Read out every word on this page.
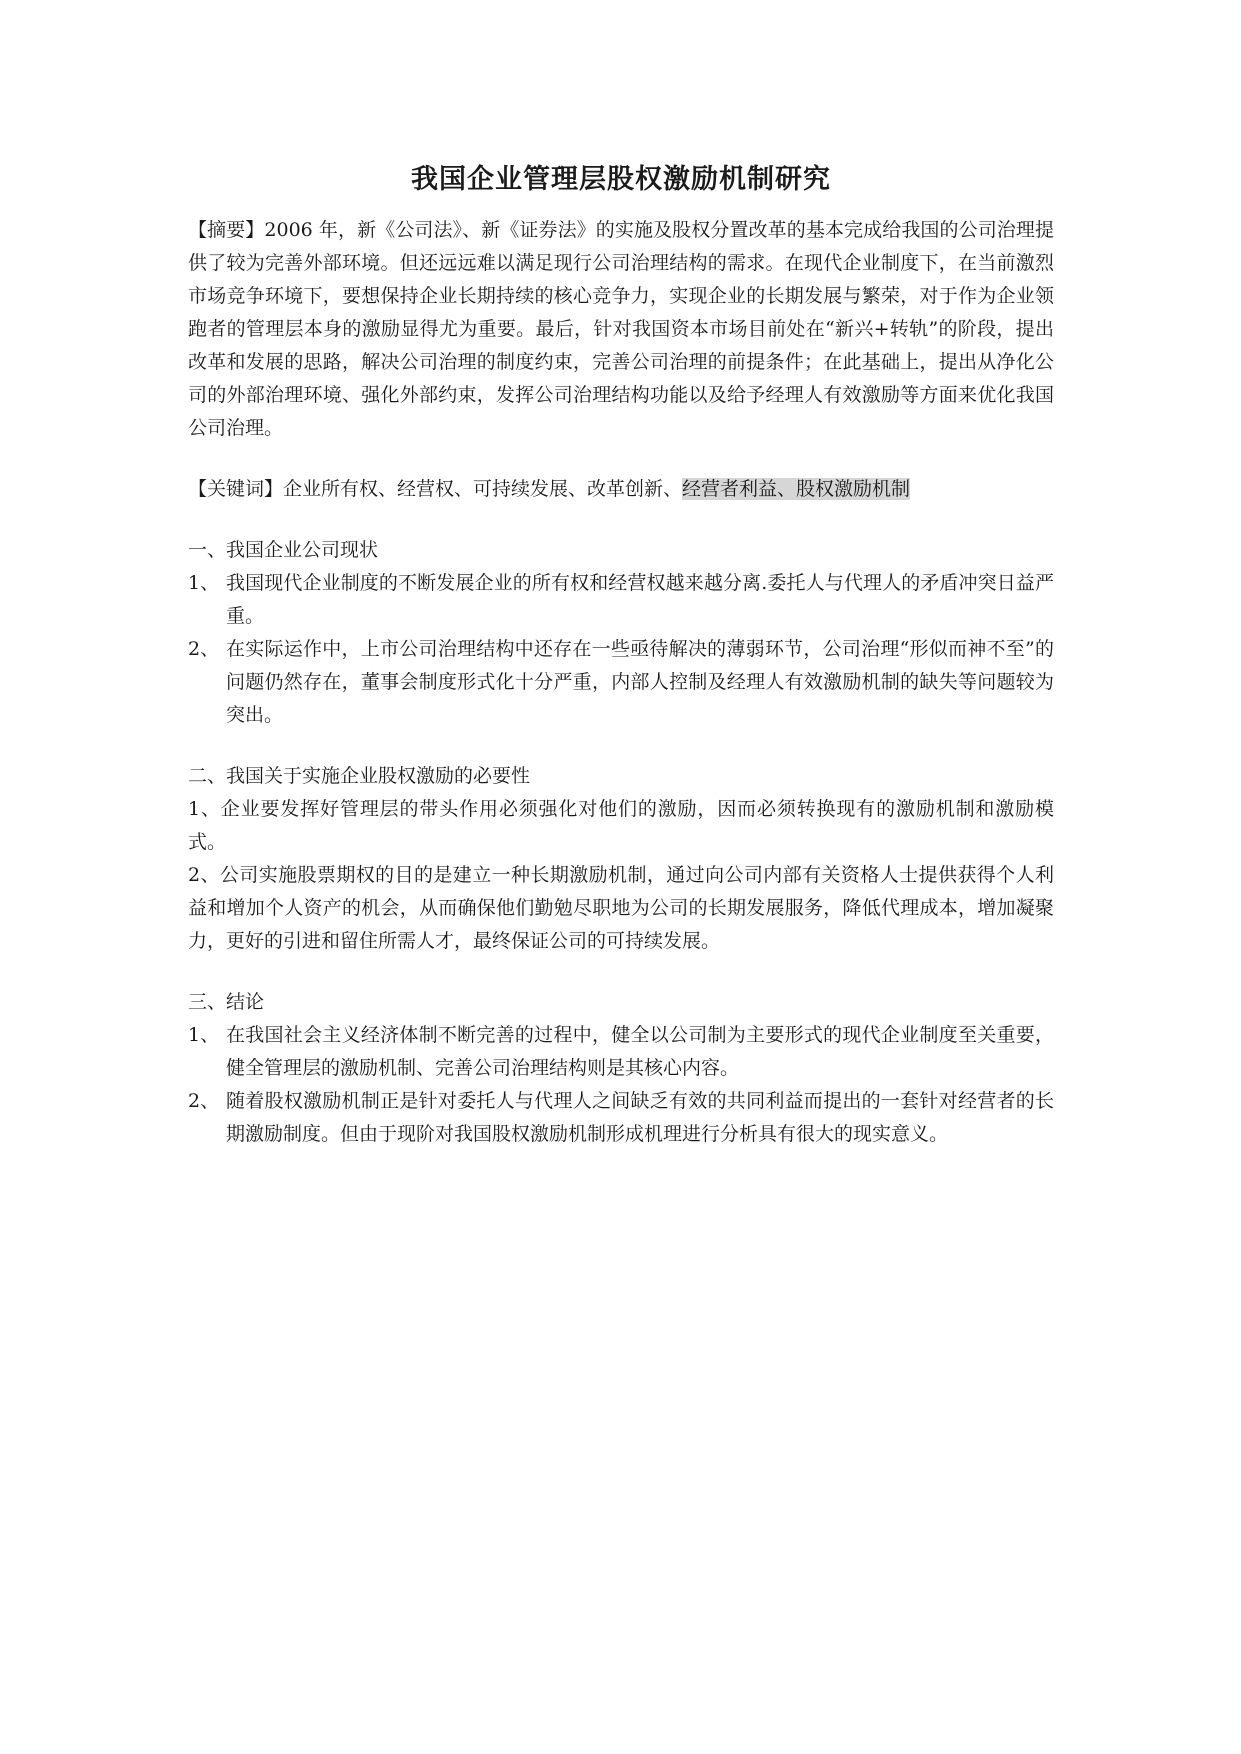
我国企业管理层股权激励机制研究

【摘要】2006 年，新《公司法》、新《证券法》的实施及股权分置改革的基本完成给我国的公司治理提供了较为完善外部环境。但还远远难以满足现行公司治理结构的需求。在现代企业制度下，在当前激烈市场竞争环境下，要想保持企业长期持续的核心竞争力，实现企业的长期发展与繁荣，对于作为企业领跑者的管理层本身的激励显得尤为重要。最后，针对我国资本市场目前处在“新兴+转轨”的阶段，提出改革和发展的思路，解决公司治理的制度约束，完善公司治理的前提条件；在此基础上，提出从净化公司的外部治理环境、强化外部约束，发挥公司治理结构功能以及给予经理人有效激励等方面来优化我国公司治理。

【关键词】企业所有权、经营权、可持续发展、改革创新、经营者利益、股权激励机制

一、我国企业公司现状

1、 我国现代企业制度的不断发展企业的所有权和经营权越来越分离.委托人与代理人的矛盾冲突日益严重。
2、 在实际运作中，上市公司治理结构中还存在一些亟待解决的薄弱环节，公司治理“形似而神不至”的问题仍然存在，董事会制度形式化十分严重，内部人控制及经理人有效激励机制的缺失等问题较为突出。

二、我国关于实施企业股权激励的必要性

1、企业要发挥好管理层的带头作用必须强化对他们的激励，因而必须转换现有的激励机制和激励模式。

2、公司实施股票期权的目的是建立一种长期激励机制，通过向公司内部有关资格人士提供获得个人利益和增加个人资产的机会，从而确保他们勤勉尽职地为公司的长期发展服务，降低代理成本，增加凝聚力，更好的引进和留住所需人才，最终保证公司的可持续发展。

三、结论

1、 在我国社会主义经济体制不断完善的过程中，健全以公司制为主要形式的现代企业制度至关重要，健全管理层的激励机制、完善公司治理结构则是其核心内容。
2、 随着股权激励机制正是针对委托人与代理人之间缺乏有效的共同利益而提出的一套针对经营者的长期激励制度。但由于现阶对我国股权激励机制形成机理进行分析具有很大的现实意义。
